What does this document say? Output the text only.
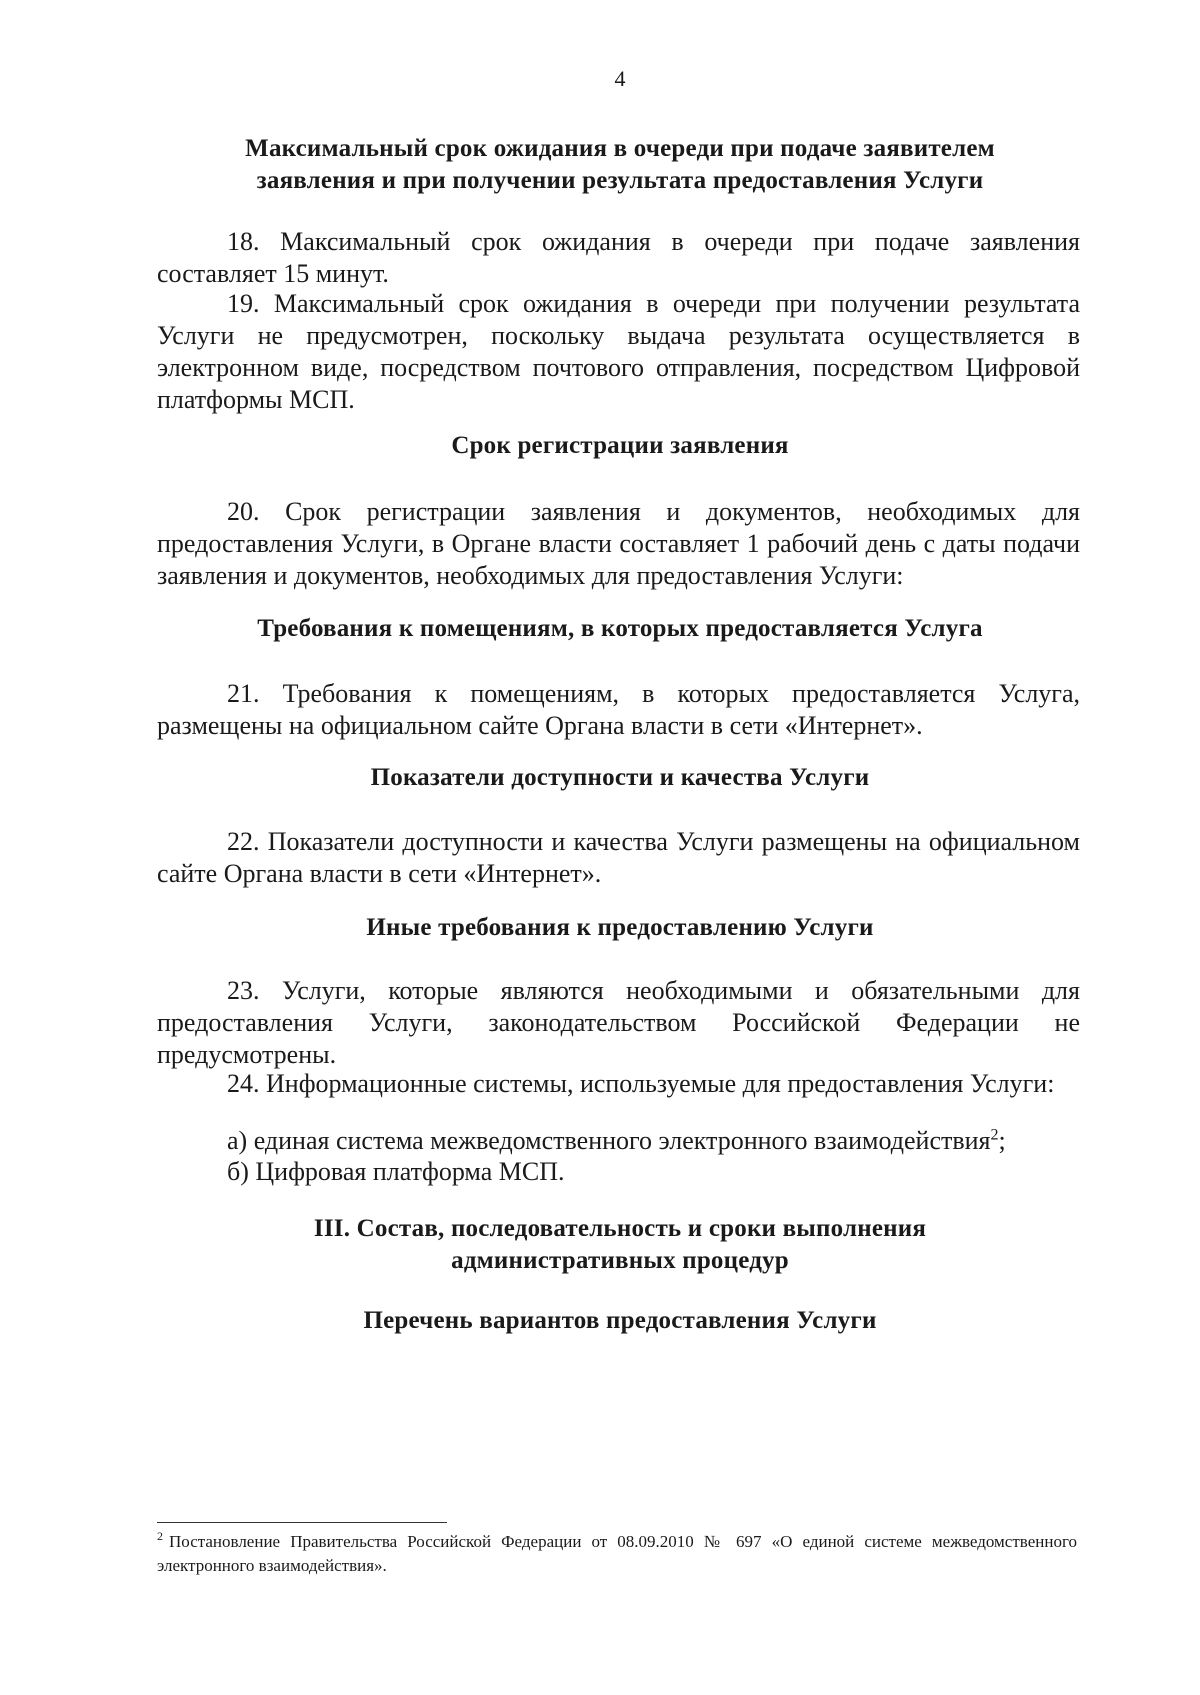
4
Максимальный срок ожидания в очереди при подаче заявителем
заявления и при получении результата предоставления Услуги
18. Максимальный срок ожидания в очереди при подаче заявления составляет 15 минут.
19. Максимальный срок ожидания в очереди при получении результата Услуги не предусмотрен, поскольку выдача результата осуществляется в электронном виде, посредством почтового отправления, посредством Цифровой платформы МСП.
Срок регистрации заявления
20. Срок регистрации заявления и документов, необходимых для предоставления Услуги, в Органе власти составляет 1 рабочий день с даты подачи заявления и документов, необходимых для предоставления Услуги:
Требования к помещениям, в которых предоставляется Услуга
21. Требования к помещениям, в которых предоставляется Услуга, размещены на официальном сайте Органа власти в сети «Интернет».
Показатели доступности и качества Услуги
22. Показатели доступности и качества Услуги размещены на официальном сайте Органа власти в сети «Интернет».
Иные требования к предоставлению Услуги
23. Услуги, которые являются необходимыми и обязательными для предоставления Услуги, законодательством Российской Федерации не предусмотрены.
24. Информационные системы, используемые для предоставления Услуги:
а) единая система межведомственного электронного взаимодействия$^2$;
б) Цифровая платформа МСП.
III. Состав, последовательность и сроки выполнения
административных процедур
Перечень вариантов предоставления Услуги
$^2$ Постановление Правительства Российской Федерации от 08.09.2010 № 697 «О единой системе межведомственного электронного взаимодействия».
